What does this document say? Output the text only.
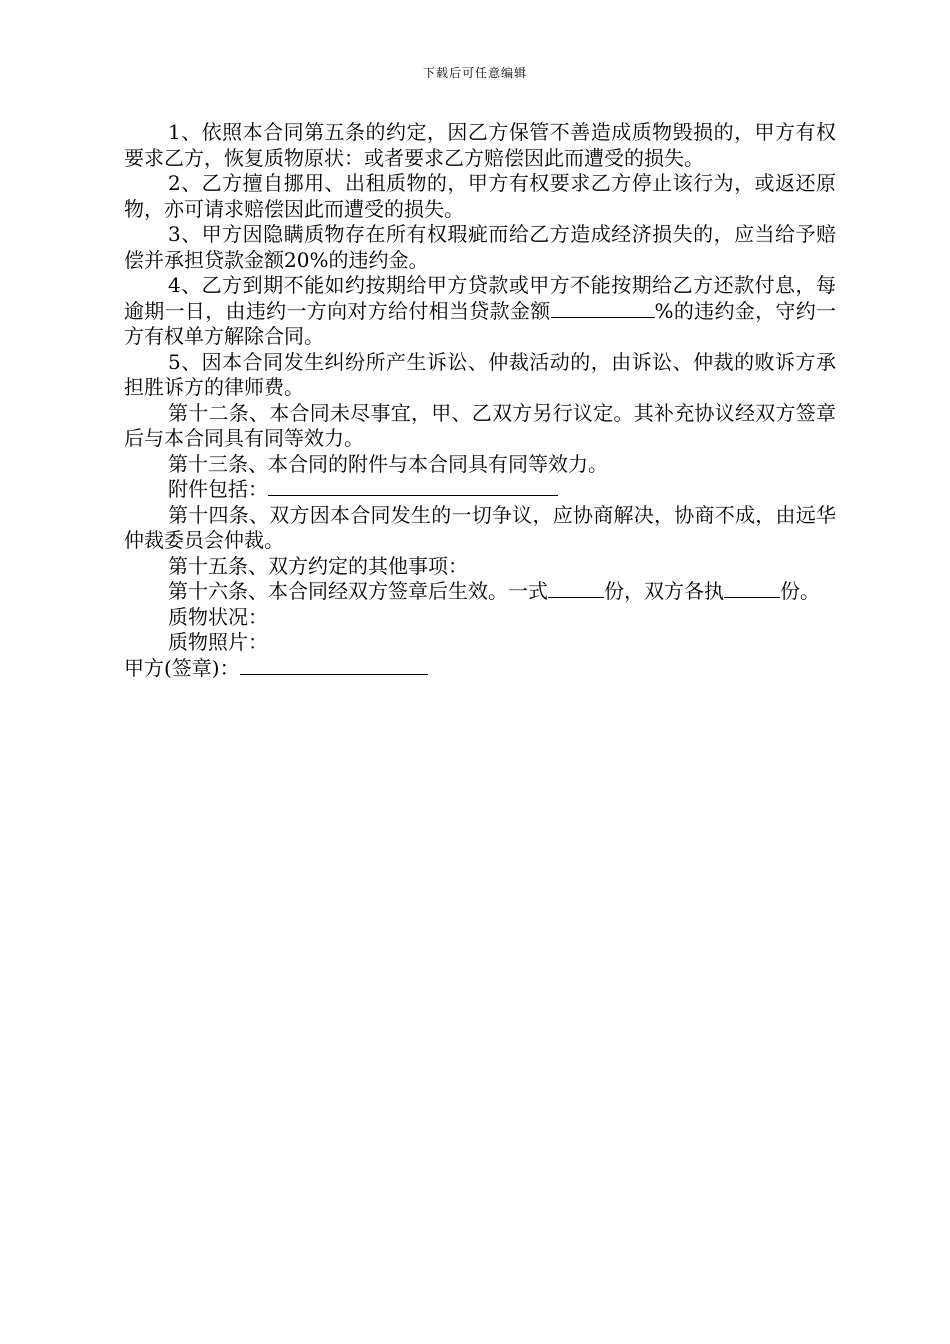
下载后可任意编辑

1、依照本合同第五条的约定，因乙方保管不善造成质物毁损的，甲方有权要求乙方，恢复质物原状：或者要求乙方赔偿因此而遭受的损失。

2、乙方擅自挪用、出租质物的，甲方有权要求乙方停止该行为，或返还原物，亦可请求赔偿因此而遭受的损失。

3、甲方因隐瞒质物存在所有权瑕疵而给乙方造成经济损失的，应当给予赔偿并承担贷款金额20%的违约金。

4、乙方到期不能如约按期给甲方贷款或甲方不能按期给乙方还款付息，每逾期一日，由违约一方向对方给付相当贷款金额	%的违约金，守约一方有权单方解除合同。

5、因本合同发生纠纷所产生诉讼、仲裁活动的，由诉讼、仲裁的败诉方承担胜诉方的律师费。

第十二条、本合同未尽事宜，甲、乙双方另行议定。其补充协议经双方签章后与本合同具有同等效力。

第十三条、本合同的附件与本合同具有同等效力。

附件包括：

第十四条、双方因本合同发生的一切争议，应协商解决，协商不成，由远华仲裁委员会仲裁。

第十五条、双方约定的其他事项：

第十六条、本合同经双方签章后生效。一式	份，双方各执	份。

质物状况：

质物照片：

甲方(签章)：
